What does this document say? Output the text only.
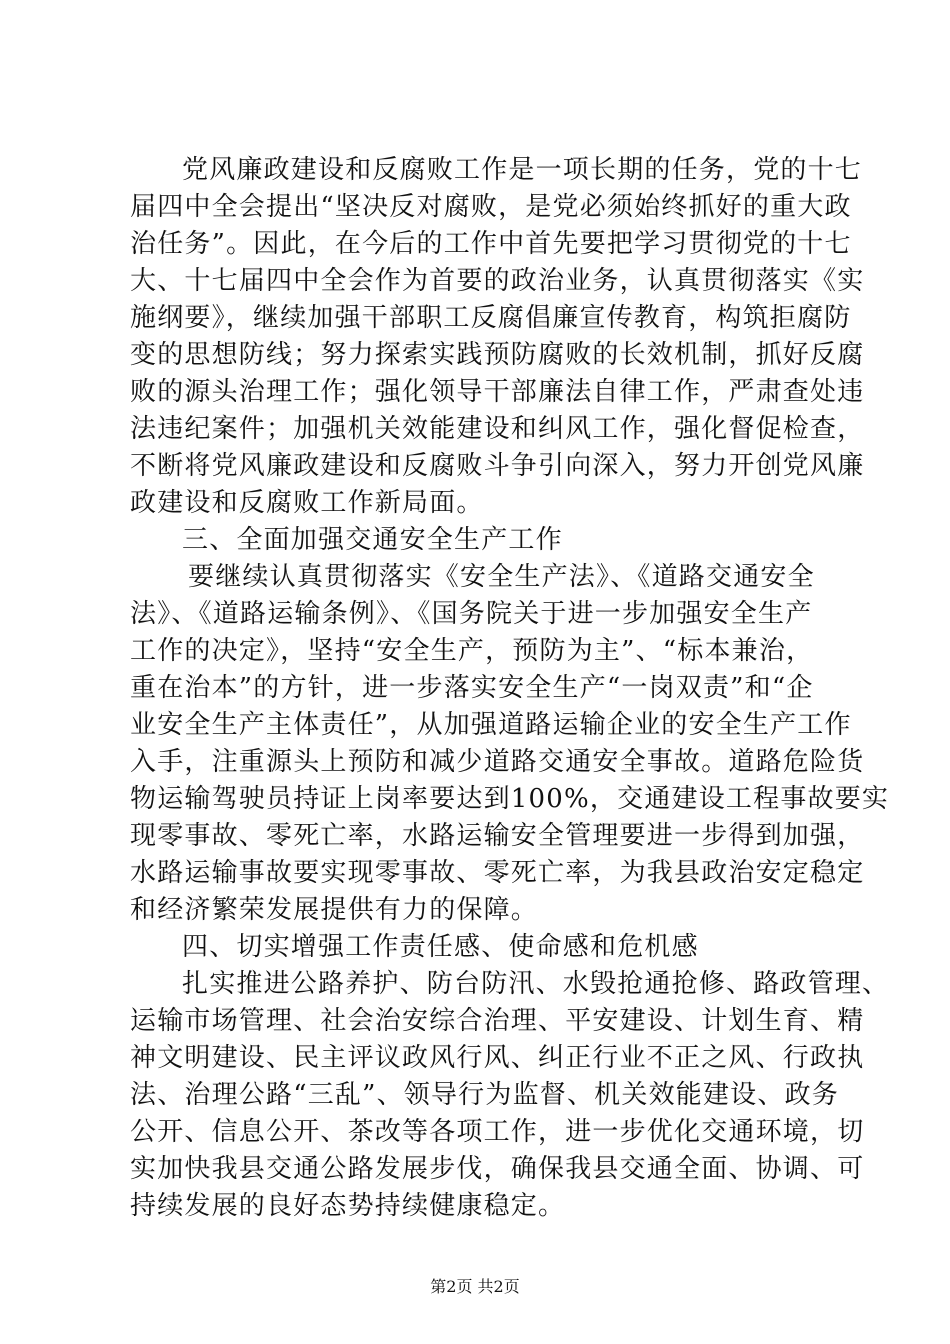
党风廉政建设和反腐败工作是一项长期的任务，党的十七
届四中全会提出“坚决反对腐败，是党必须始终抓好的重大政
治任务”。因此，在今后的工作中首先要把学习贯彻党的十七
大、十七届四中全会作为首要的政治业务，认真贯彻落实《实
施纲要》，继续加强干部职工反腐倡廉宣传教育，构筑拒腐防
变的思想防线；努力探索实践预防腐败的长效机制，抓好反腐
败的源头治理工作；强化领导干部廉法自律工作，严肃查处违
法违纪案件；加强机关效能建设和纠风工作，强化督促检查，
不断将党风廉政建设和反腐败斗争引向深入，努力开创党风廉
政建设和反腐败工作新局面。
三、全面加强交通安全生产工作
要继续认真贯彻落实《安全生产法》、《道路交通安全
法》、《道路运输条例》、《国务院关于进一步加强安全生产
工作的决定》，坚持“安全生产，预防为主”、“标本兼治，
重在治本”的方针，进一步落实安全生产“一岗双责”和“企
业安全生产主体责任”，从加强道路运输企业的安全生产工作
入手，注重源头上预防和减少道路交通安全事故。道路危险货
物运输驾驶员持证上岗率要达到100%，交通建设工程事故要实
现零事故、零死亡率，水路运输安全管理要进一步得到加强，
水路运输事故要实现零事故、零死亡率，为我县政治安定稳定
和经济繁荣发展提供有力的保障。
四、切实增强工作责任感、使命感和危机感
扎实推进公路养护、防台防汛、水毁抢通抢修、路政管理、
运输市场管理、社会治安综合治理、平安建设、计划生育、精
神文明建设、民主评议政风行风、纠正行业不正之风、行政执
法、治理公路“三乱”、领导行为监督、机关效能建设、政务
公开、信息公开、茶改等各项工作，进一步优化交通环境，切
实加快我县交通公路发展步伐，确保我县交通全面、协调、可
持续发展的良好态势持续健康稳定。
第2页 共2页
